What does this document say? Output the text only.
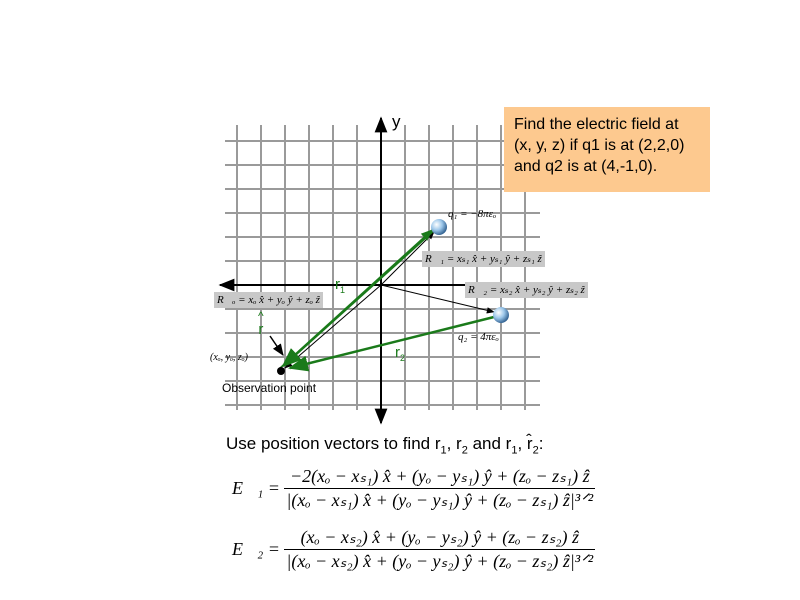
y	Find the electric field at
(x, y, z) if q1 is at (2,2,0)
and q2 is at (4,-1,0).
q₁ = −8πεₒ
q₂ = 4πεₒ
R⃗₁ = xₛ₁ x̂ + yₛ₁ ŷ + zₛ₁ ẑ
R⃗₂ = xₛ₂ x̂ + yₛ₂ ŷ + zₛ₂ ẑ
R⃗ₒ = xₒ x̂ + yₒ ŷ + zₒ ẑ
$r_1$
$r_2$
^
r
(xₒ, yₒ, zₒ)
Observation point
Use position vectors to find $r_1$, $r_2$ and $r_1$, $r̂_2$:
E⃗₁ = $\frac{\text{−2(xₒ − xₛ₁) x̂ + (yₒ − yₛ₁) ŷ + (zₒ − zₛ₁) ẑ}}{\text{|(xₒ − xₛ₁) x̂ + (yₒ − yₛ₁) ŷ + (zₒ − zₛ₁) ẑ|³ᐟ²}}$
E⃗₂ = $\frac{\text{(xₒ − xₛ₂) x̂ + (yₒ − yₛ₂) ŷ + (zₒ − zₛ₂) ẑ}}{\text{|(xₒ − xₛ₂) x̂ + (yₒ − yₛ₂) ŷ + (zₒ − zₛ₂) ẑ|³ᐟ²}}$
